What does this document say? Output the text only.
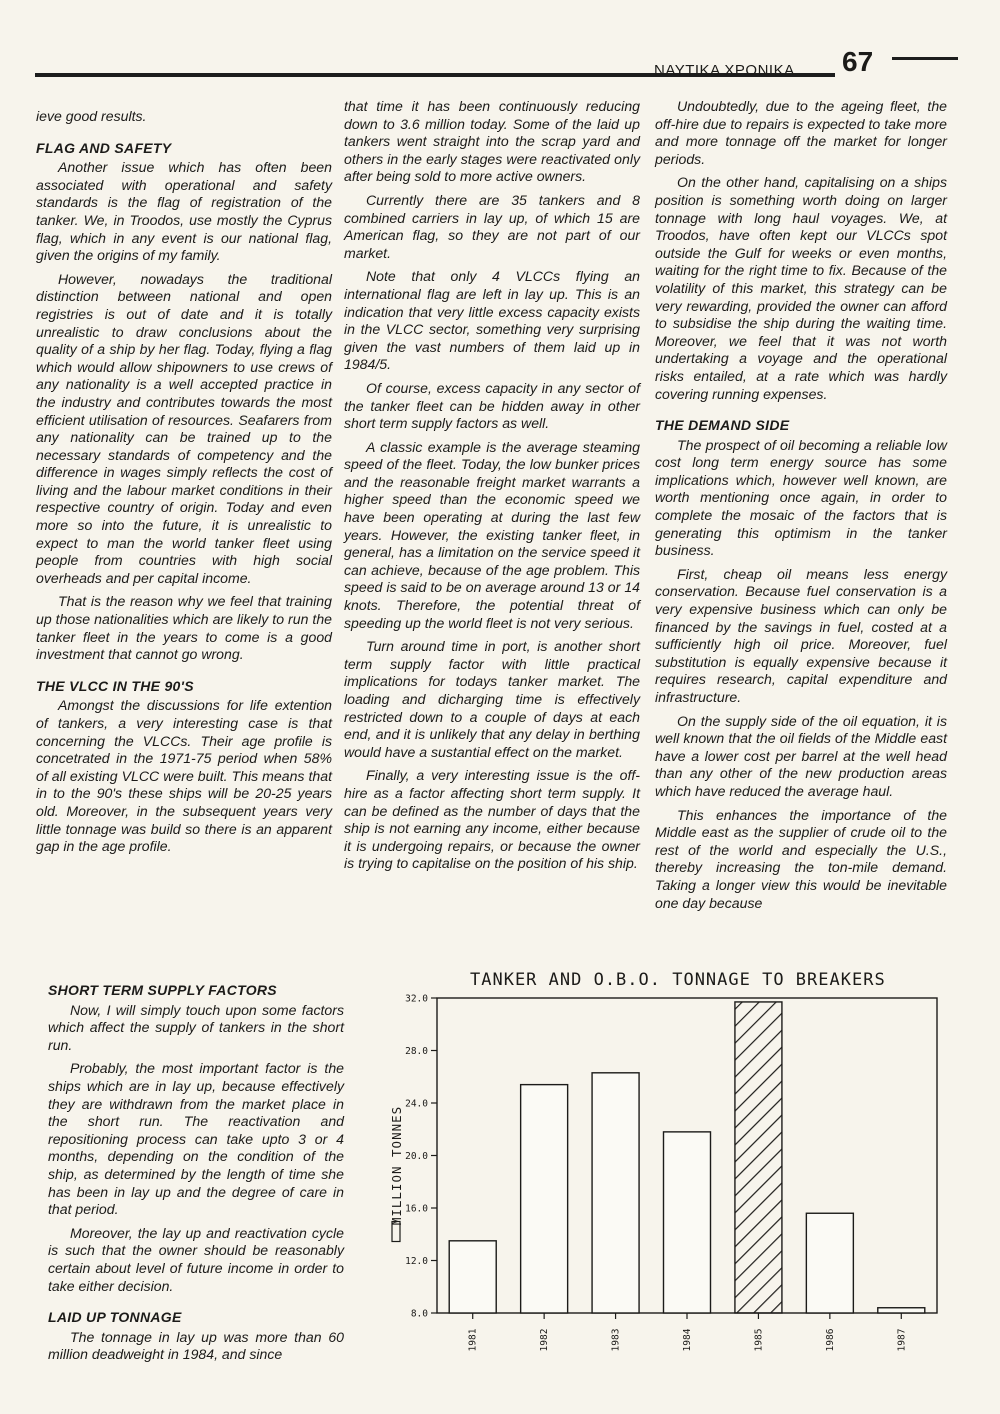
NAYTIKA XPONIKA 67

ieve good results.

FLAG AND SAFETY

Another issue which has often been associated with operational and safety standards is the flag of registration of the tanker. We, in Troodos, use mostly the Cyprus flag, which in any event is our national flag, given the origins of my family.

However, nowadays the traditional distinction between national and open registries is out of date and it is totally unrealistic to draw conclusions about the quality of a ship by her flag. Today, flying a flag which would allow shipowners to use crews of any nationality is a well accepted practice in the industry and contributes towards the most efficient utilisation of resources. Seafarers from any nationality can be trained up to the necessary standards of competency and the difference in wages simply reflects the cost of living and the labour market conditions in their respective country of origin. Today and even more so into the future, it is unrealistic to expect to man the world tanker fleet using people from countries with high social overheads and per capital income.

That is the reason why we feel that training up those nationalities which are likely to run the tanker fleet in the years to come is a good investment that cannot go wrong.

THE VLCC IN THE 90'S

Amongst the discussions for life extention of tankers, a very interesting case is that concerning the VLCCs. Their age profile is concetrated in the 1971-75 period when 58% of all existing VLCC were built. This means that in to the 90's these ships will be 20-25 years old. Moreover, in the subsequent years very little tonnage was build so there is an apparent gap in the age profile.

SHORT TERM SUPPLY FACTORS

Now, I will simply touch upon some factors which affect the supply of tankers in the short run.

Probably, the most important factor is the ships which are in lay up, because effectively they are withdrawn from the market place in the short run. The reactivation and repositioning process can take upto 3 or 4 months, depending on the condition of the ship, as determined by the length of time she has been in lay up and the degree of care in that period.

Moreover, the lay up and reactivation cycle is such that the owner should be reasonably certain about level of future income in order to take either decision.

LAID UP TONNAGE

The tonnage in lay up was more than 60 million deadweight in 1984, and since

that time it has been continuously reducing down to 3.6 million today. Some of the laid up tankers went straight into the scrap yard and others in the early stages were reactivated only after being sold to more active owners.

Currently there are 35 tankers and 8 combined carriers in lay up, of which 15 are American flag, so they are not part of our market.

Note that only 4 VLCCs flying an international flag are left in lay up. This is an indication that very little excess capacity exists in the VLCC sector, something very surprising given the vast numbers of them laid up in 1984/5.

Of course, excess capacity in any sector of the tanker fleet can be hidden away in other short term supply factors as well.

A classic example is the average steaming speed of the fleet. Today, the low bunker prices and the reasonable freight market warrants a higher speed than the economic speed we have been operating at during the last few years. However, the existing tanker fleet, in general, has a limitation on the service speed it can achieve, because of the age problem. This speed is said to be on average around 13 or 14 knots. Therefore, the potential threat of speeding up the world fleet is not very serious.

Turn around time in port, is another short term supply factor with little practical implications for todays tanker market. The loading and dicharging time is effectively restricted down to a couple of days at each end, and it is unlikely that any delay in berthing would have a sustantial effect on the market.

Finally, a very interesting issue is the off-hire as a factor affecting short term supply. It can be defined as the number of days that the ship is not earning any income, either because it is undergoing repairs, or because the owner is trying to capitalise on the position of his ship.

Undoubtedly, due to the ageing fleet, the off-hire due to repairs is expected to take more and more tonnage off the market for longer periods.

On the other hand, capitalising on a ships position is something worth doing on larger tonnage with long haul voyages. We, at Troodos, have often kept our VLCCs spot outside the Gulf for weeks or even months, waiting for the right time to fix. Because of the volatility of this market, this strategy can be very rewarding, provided the owner can afford to subsidise the ship during the waiting time. Moreover, we feel that it was not worth undertaking a voyage and the operational risks entailed, at a rate which was hardly covering running expenses.

THE DEMAND SIDE

The prospect of oil becoming a reliable low cost long term energy source has some implications which, however well known, are worth mentioning once again, in order to complete the mosaic of the factors that is generating this optimism in the tanker business.

First, cheap oil means less energy conservation. Because fuel conservation is a very expensive business which can only be financed by the savings in fuel, costed at a sufficiently high oil price. Moreover, fuel substitution is equally expensive because it requires research, capital expenditure and infrastructure.

On the supply side of the oil equation, it is well known that the oil fields of the Middle east have a lower cost per barrel at the well head than any other of the new production areas which have reduced the average haul.

This enhances the importance of the Middle east as the supplier of crude oil to the rest of the world and especially the U.S., thereby increasing the ton-mile demand. Taking a longer view this would be inevitable one day because

TANKER AND O.B.O. TONNAGE TO BREAKERS
8.0
12.0
16.0
20.0
24.0
28.0
32.0
1981	1982	1983	1984	1985	1986	1987
MILLION TONNES
